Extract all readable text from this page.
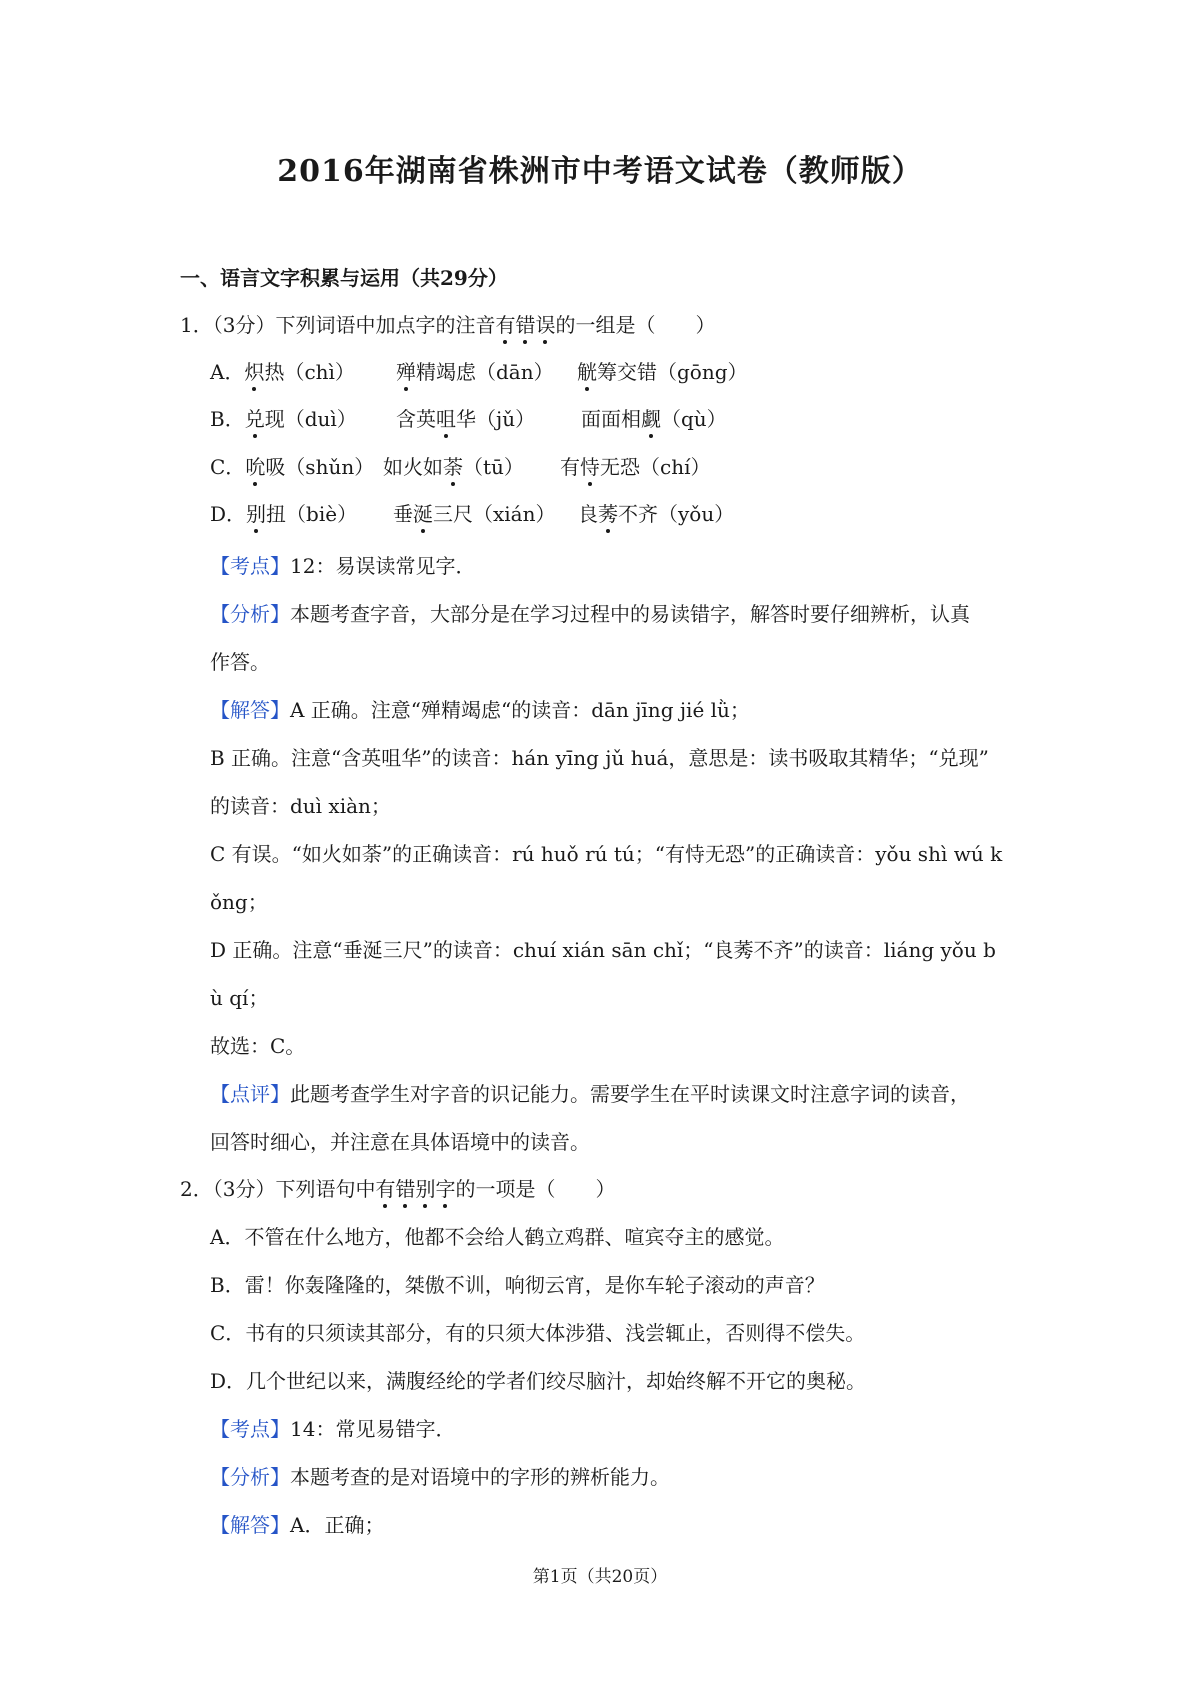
2016年湖南省株洲市中考语文试卷（教师版）
一、语言文字积累与运用（共29分）
1．（3分）下列词语中加点字的注音有错误的一组是（　　）
A．炽热（chì） 殚精竭虑（dān） 觥筹交错（gōng）
B．兑现（duì） 含英咀华（jǔ） 面面相觑（qù）
C．吮吸（shǔn） 如火如荼（tū） 有恃无恐（chí）
D．别扭（biè） 垂涎三尺（xián） 良莠不齐（yǒu）
【考点】12：易误读常见字．
【分析】本题考查字音，大部分是在学习过程中的易读错字，解答时要仔细辨析，认真
作答。
【解答】A 正确。注意“殚精竭虑“的读音：dān jīng jié lǜ；
B 正确。注意“含英咀华”的读音：hán yīng jǔ huá，意思是：读书吸取其精华；“兑现”
的读音：duì xiàn；
C 有误。“如火如荼”的正确读音：rú huǒ rú tú；“有恃无恐”的正确读音：yǒu shì wú k
ǒng；
D 正确。注意“垂涎三尺”的读音：chuí xián sān chǐ；“良莠不齐”的读音：liáng yǒu b
ù qí；
故选：C。
【点评】此题考查学生对字音的识记能力。需要学生在平时读课文时注意字词的读音，
回答时细心，并注意在具体语境中的读音。
2．（3分）下列语句中有错别字的一项是（　　）
A．不管在什么地方，他都不会给人鹤立鸡群、喧宾夺主的感觉。
B．雷！你轰隆隆的，桀傲不训，响彻云宵，是你车轮子滚动的声音？
C．书有的只须读其部分，有的只须大体涉猎、浅尝辄止，否则得不偿失。
D．几个世纪以来，满腹经纶的学者们绞尽脑汁，却始终解不开它的奥秘。
【考点】14：常见易错字．
【分析】本题考查的是对语境中的字形的辨析能力。
【解答】A．正确；
第1页（共20页）
